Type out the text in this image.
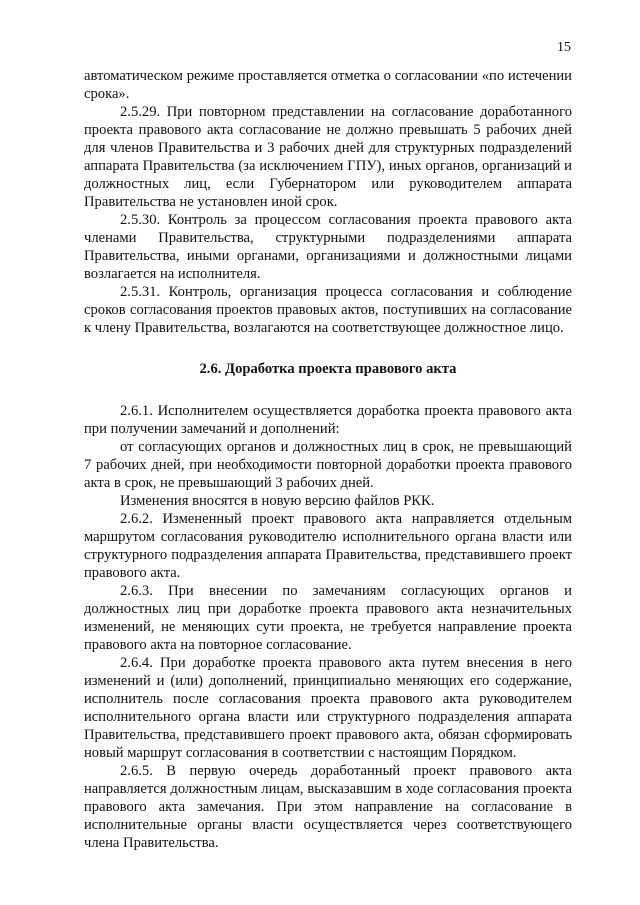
15

автоматическом режиме проставляется отметка о согласовании «по истечении срока».

2.5.29. При повторном представлении на согласование доработанного проекта правового акта согласование не должно превышать 5 рабочих дней для членов Правительства и 3 рабочих дней для структурных подразделений аппарата Правительства (за исключением ГПУ), иных органов, организаций и должностных лиц, если Губернатором или руководителем аппарата Правительства не установлен иной срок.

2.5.30. Контроль за процессом согласования проекта правового акта членами Правительства, структурными подразделениями аппарата Правительства, иными органами, организациями и должностными лицами возлагается на исполнителя.

2.5.31. Контроль, организация процесса согласования и соблюдение сроков согласования проектов правовых актов, поступивших на согласование к члену Правительства, возлагаются на соответствующее должностное лицо.

2.6. Доработка проекта правового акта

2.6.1. Исполнителем осуществляется доработка проекта правового акта при получении замечаний и дополнений:

от согласующих органов и должностных лиц в срок, не превышающий 7 рабочих дней, при необходимости повторной доработки проекта правового акта в срок, не превышающий 3 рабочих дней.

Изменения вносятся в новую версию файлов РКК.

2.6.2. Измененный проект правового акта направляется отдельным маршрутом согласования руководителю исполнительного органа власти или структурного подразделения аппарата Правительства, представившего проект правового акта.

2.6.3. При внесении по замечаниям согласующих органов и должностных лиц при доработке проекта правового акта незначительных изменений, не меняющих сути проекта, не требуется направление проекта правового акта на повторное согласование.

2.6.4. При доработке проекта правового акта путем внесения в него изменений и (или) дополнений, принципиально меняющих его содержание, исполнитель после согласования проекта правового акта руководителем исполнительного органа власти или структурного подразделения аппарата Правительства, представившего проект правового акта, обязан сформировать новый маршрут согласования в соответствии с настоящим Порядком.

2.6.5. В первую очередь доработанный проект правового акта направляется должностным лицам, высказавшим в ходе согласования проекта правового акта замечания. При этом направление на согласование в исполнительные органы власти осуществляется через соответствующего члена Правительства.
